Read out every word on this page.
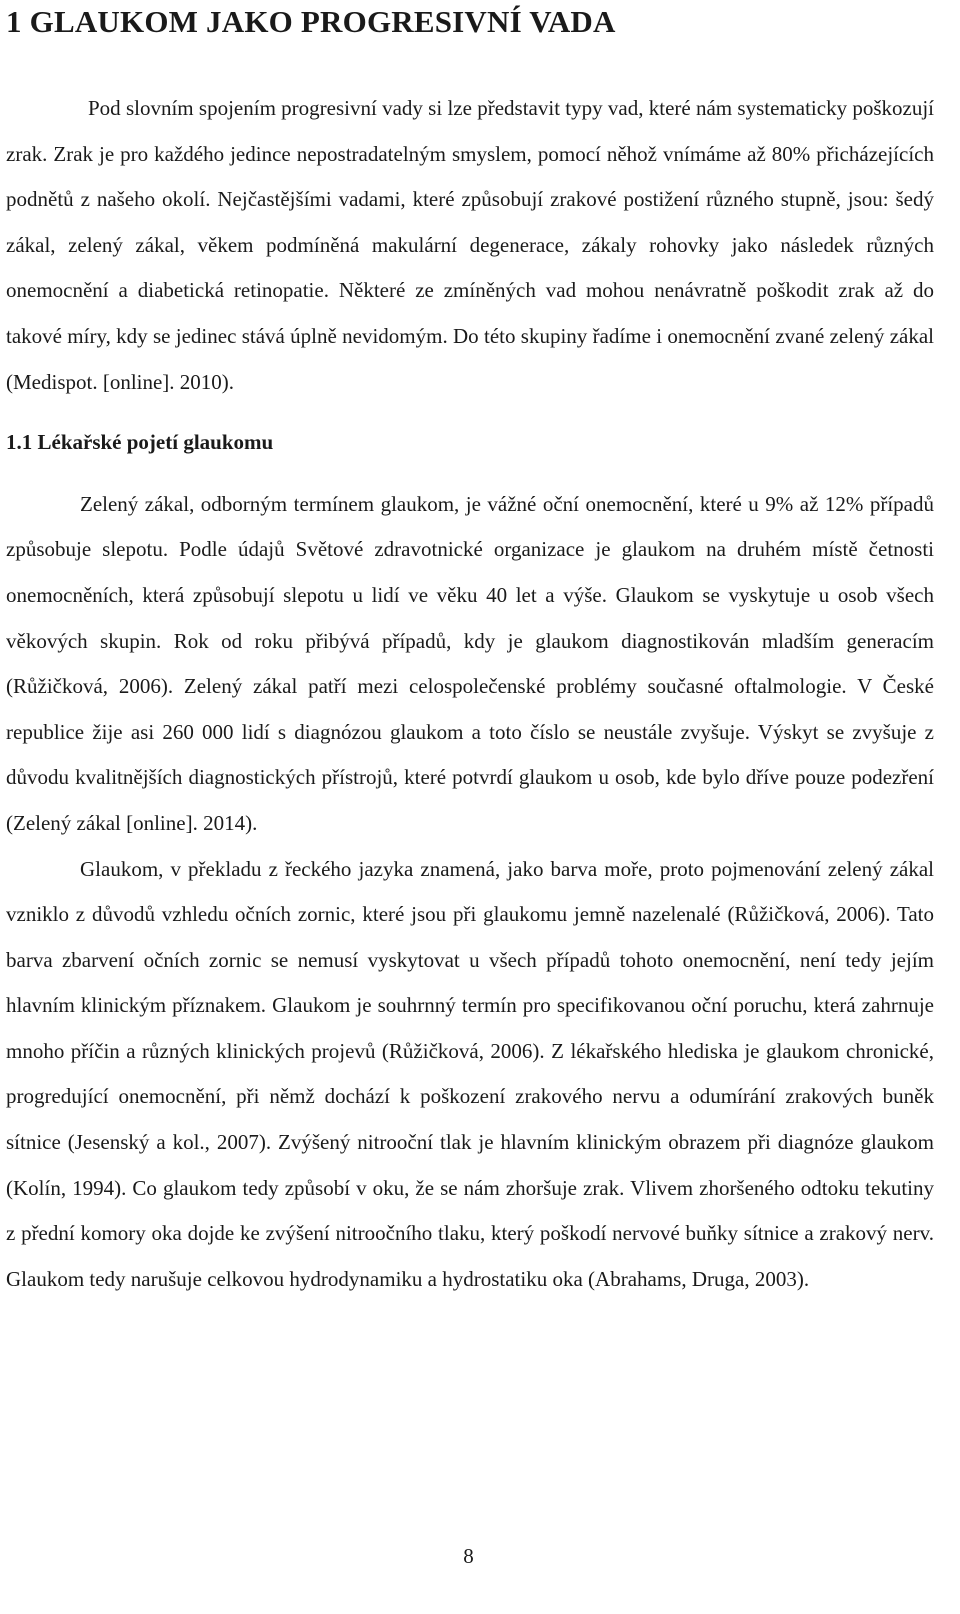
1 GLAUKOM JAKO PROGRESIVNÍ VADA

Pod slovním spojením progresivní vady si lze představit typy vad, které nám systematicky poškozují zrak. Zrak je pro každého jedince nepostradatelným smyslem, pomocí něhož vnímáme až 80% přicházejících podnětů z našeho okolí. Nejčastějšími vadami, které způsobují zrakové postižení různého stupně, jsou: šedý zákal, zelený zákal, věkem podmíněná makulární degenerace, zákaly rohovky jako následek různých onemocnění a diabetická retinopatie. Některé ze zmíněných vad mohou nenávratně poškodit zrak až do takové míry, kdy se jedinec stává úplně nevidomým. Do této skupiny řadíme i onemocnění zvané zelený zákal (Medispot. [online]. 2010).

1.1 Lékařské pojetí glaukomu

Zelený zákal, odborným termínem glaukom, je vážné oční onemocnění, které u 9% až 12% případů způsobuje slepotu. Podle údajů Světové zdravotnické organizace je glaukom na druhém místě četnosti onemocněních, která způsobují slepotu u lidí ve věku 40 let a výše. Glaukom se vyskytuje u osob všech věkových skupin. Rok od roku přibývá případů, kdy je glaukom diagnostikován mladším generacím (Růžičková, 2006). Zelený zákal patří mezi celospolečenské problémy současné oftalmologie. V České republice žije asi 260 000 lidí s diagnózou glaukom a toto číslo se neustále zvyšuje. Výskyt se zvyšuje z důvodu kvalitnějších diagnostických přístrojů, které potvrdí glaukom u osob, kde bylo dříve pouze podezření (Zelený zákal [online]. 2014).

Glaukom, v překladu z řeckého jazyka znamená, jako barva moře, proto pojmenování zelený zákal vzniklo z důvodů vzhledu očních zornic, které jsou při glaukomu jemně nazelenalé (Růžičková, 2006). Tato barva zbarvení očních zornic se nemusí vyskytovat u všech případů tohoto onemocnění, není tedy jejím hlavním klinickým příznakem. Glaukom je souhrnný termín pro specifikovanou oční poruchu, která zahrnuje mnoho příčin a různých klinických projevů (Růžičková, 2006). Z lékařského hlediska je glaukom chronické, progredující onemocnění, při němž dochází k poškození zrakového nervu a odumírání zrakových buněk sítnice (Jesenský a kol., 2007). Zvýšený nitrooční tlak je hlavním klinickým obrazem při diagnóze glaukom (Kolín, 1994). Co glaukom tedy způsobí v oku, že se nám zhoršuje zrak. Vlivem zhoršeného odtoku tekutiny z přední komory oka dojde ke zvýšení nitroočního tlaku, který poškodí nervové buňky sítnice a zrakový nerv. Glaukom tedy narušuje celkovou hydrodynamiku a hydrostatiku oka (Abrahams, Druga, 2003).

8
